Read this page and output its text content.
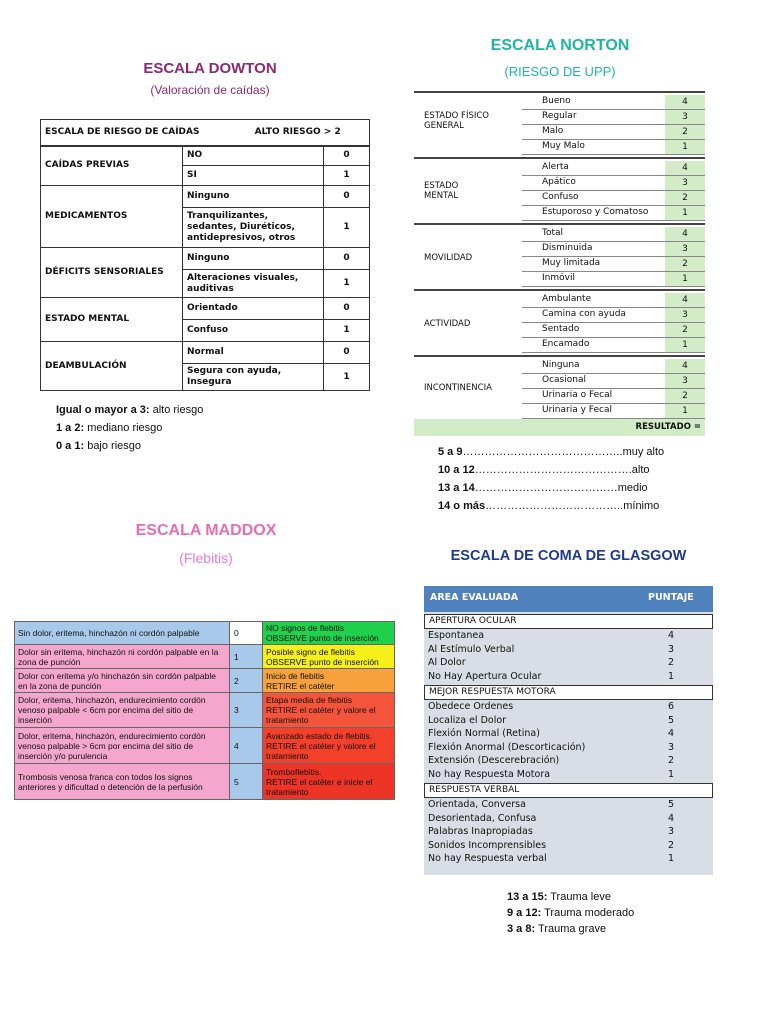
ESCALA DOWTON
(Valoración de caídas)
ESCALA DE RIESGO DE CAÍDAS ALTO RIESGO > 2		
CAÍDAS PREVIAS	NO	0
	SI	1
MEDICAMENTOS	Ninguno	0
	Tranquilizantes, sedantes, Diuréticos, antidepresivos, otros	1
DÉFICITS SENSORIALES	Ninguno	0
	Alteraciones visuales, auditivas	1
ESTADO MENTAL	Orientado	0
	Confuso	1
DEAMBULACIÓN	Normal	0
	Segura con ayuda, Insegura	1
Igual o mayor a 3: alto riesgo
1 a 2: mediano riesgo
0 a 1: bajo riesgo
ESCALA NORTON
(RIESGO DE UPP)
ESTADO FÍSICO GENERAL
Bueno	4
Regular	3
Malo	2
Muy Malo	1
ESTADO MENTAL
Alerta	4
Apático	3
Confuso	2
Estuporoso y Comatoso	1
MOVILIDAD
Total	4
Disminuida	3
Muy limitada	2
Inmóvil	1
ACTIVIDAD
Ambulante	4
Camina con ayuda	3
Sentado	2
Encamado	1
INCONTINENCIA
Ninguna	4
Ocasional	3
Urinaria o Fecal	2
Urinaria y Fecal	1
RESULTADO =
5 a 9……………………………………..muy alto
10 a 12…………………………………….alto
13 a 14…………………………………medio
14 o más………………………………..mínimo
ESCALA MADDOX
(Flebitis)
Sin dolor, eritema, hinchazón ni cordón palpable	0	NO signos de flebitis
OBSERVE punto de inserción
Dolor sin eritema, hinchazón ni cordón palpable en la zona de punción	1	Posible signo de flebitis
OBSERVE punto de inserción
Dolor con eritema y/o hinchazón sin cordón palpable en la zona de punción	2	Inicio de flebitis
RETIRE el catéter
Dolor, eritema, hinchazón, endurecimiento cordón venoso palpable < 6cm por encima del sitio de inserción	3	Etapa media de flebitis
RETIRE el catéter y valore el tratamiento
Dolor, eritema, hinchazón, endurecimiento cordón venoso palpable > 6cm por encima del sitio de inserción y/o purulencia	4	Avanzado estado de flebitis.
RETIRE el catéter y valore el tratamiento
Trombosis venosa franca con todos los signos anteriores y dificultad o detención de la perfusión	5	Tromboflebitis.
RETIRE el catéter e inicie el tratamiento
ESCALA DE COMA DE GLASGOW
AREA EVALUADA	PUNTAJE
APERTURA OCULAR
Espontanea	4
Al Estímulo Verbal	3
Al Dolor	2
No Hay Apertura Ocular	1
MEJOR RESPUESTA MOTORA
Obedece Ordenes	6
Localiza el Dolor	5
Flexión Normal (Retina)	4
Flexión Anormal (Descorticación)	3
Extensión (Descerebración)	2
No hay Respuesta Motora	1
RESPUESTA VERBAL
Orientada, Conversa	5
Desorientada, Confusa	4
Palabras Inapropiadas	3
Sonidos Incomprensibles	2
No hay Respuesta verbal	1
13 a 15: Trauma leve
9 a 12: Trauma moderado
3 a 8: Trauma grave
